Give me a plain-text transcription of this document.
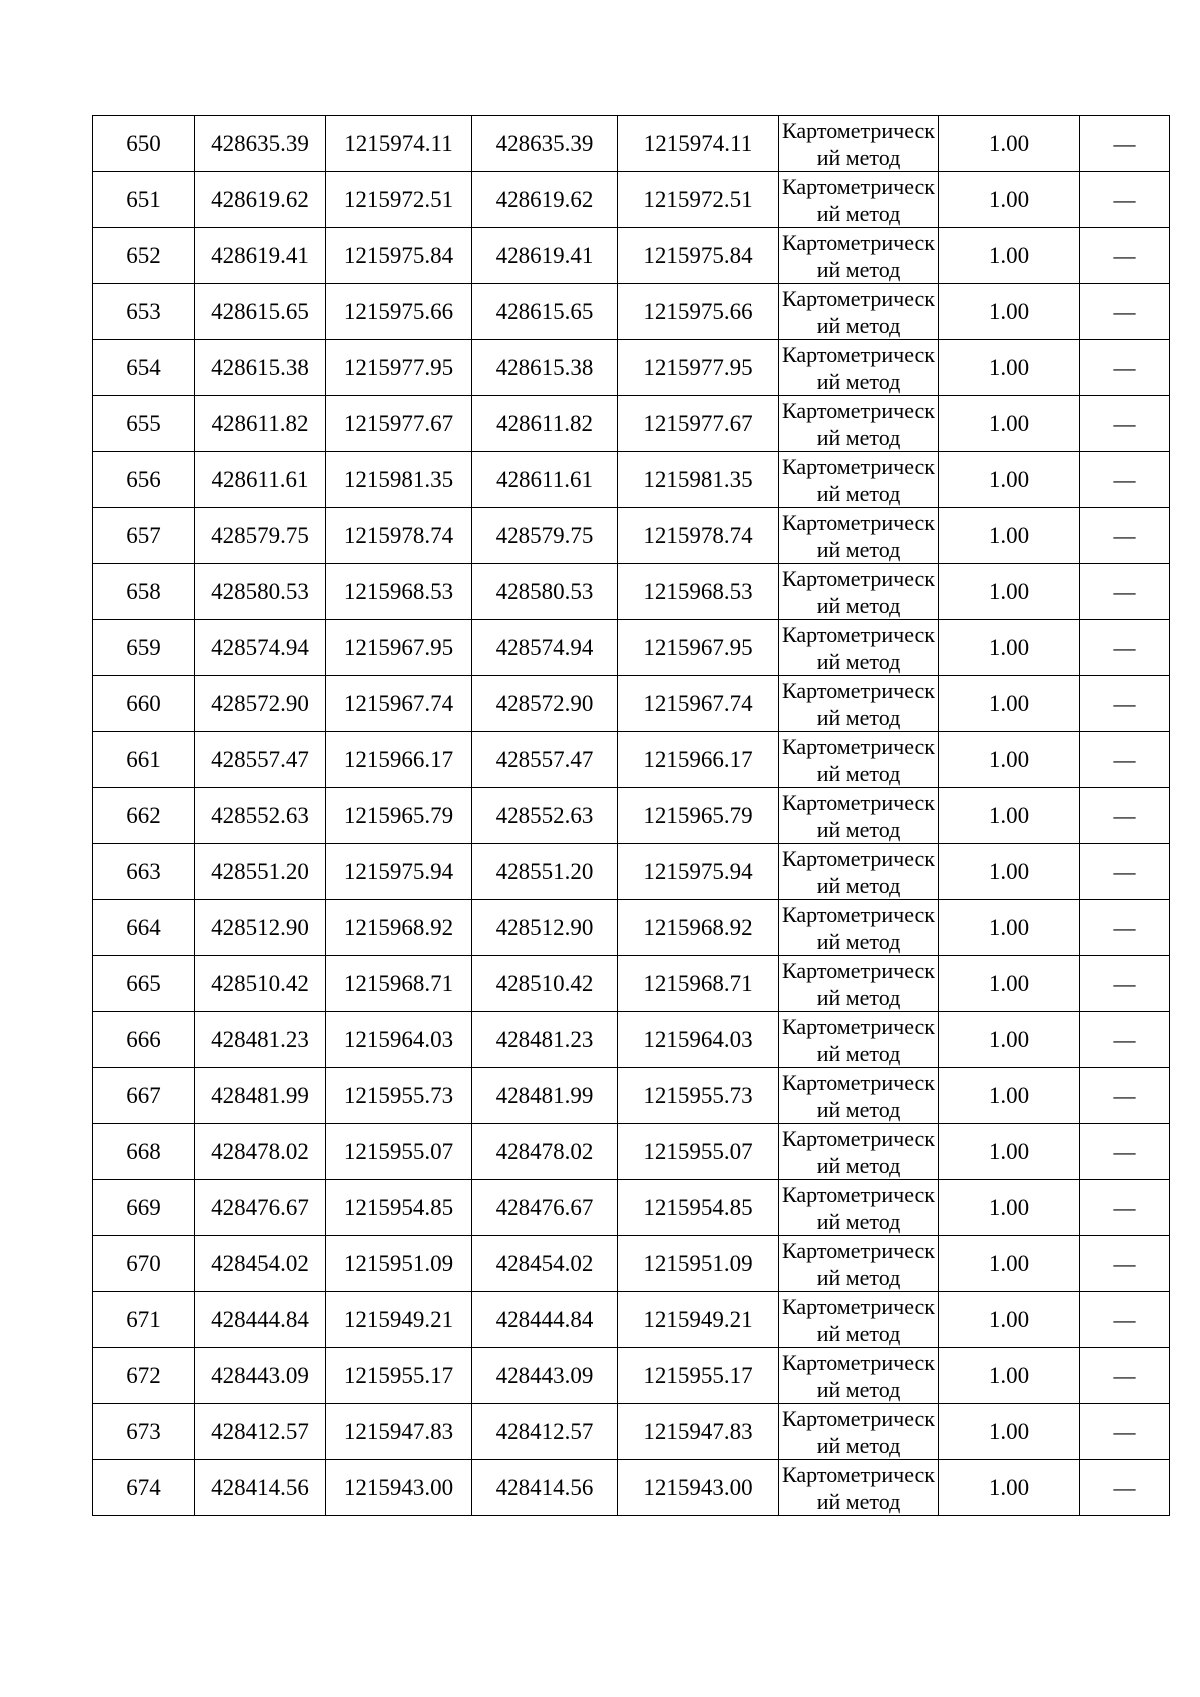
650	428635.39	1215974.11	428635.39	1215974.11	Картометрический метод	1.00	—
651	428619.62	1215972.51	428619.62	1215972.51	Картометрический метод	1.00	—
652	428619.41	1215975.84	428619.41	1215975.84	Картометрический метод	1.00	—
653	428615.65	1215975.66	428615.65	1215975.66	Картометрический метод	1.00	—
654	428615.38	1215977.95	428615.38	1215977.95	Картометрический метод	1.00	—
655	428611.82	1215977.67	428611.82	1215977.67	Картометрический метод	1.00	—
656	428611.61	1215981.35	428611.61	1215981.35	Картометрический метод	1.00	—
657	428579.75	1215978.74	428579.75	1215978.74	Картометрический метод	1.00	—
658	428580.53	1215968.53	428580.53	1215968.53	Картометрический метод	1.00	—
659	428574.94	1215967.95	428574.94	1215967.95	Картометрический метод	1.00	—
660	428572.90	1215967.74	428572.90	1215967.74	Картометрический метод	1.00	—
661	428557.47	1215966.17	428557.47	1215966.17	Картометрический метод	1.00	—
662	428552.63	1215965.79	428552.63	1215965.79	Картометрический метод	1.00	—
663	428551.20	1215975.94	428551.20	1215975.94	Картометрический метод	1.00	—
664	428512.90	1215968.92	428512.90	1215968.92	Картометрический метод	1.00	—
665	428510.42	1215968.71	428510.42	1215968.71	Картометрический метод	1.00	—
666	428481.23	1215964.03	428481.23	1215964.03	Картометрический метод	1.00	—
667	428481.99	1215955.73	428481.99	1215955.73	Картометрический метод	1.00	—
668	428478.02	1215955.07	428478.02	1215955.07	Картометрический метод	1.00	—
669	428476.67	1215954.85	428476.67	1215954.85	Картометрический метод	1.00	—
670	428454.02	1215951.09	428454.02	1215951.09	Картометрический метод	1.00	—
671	428444.84	1215949.21	428444.84	1215949.21	Картометрический метод	1.00	—
672	428443.09	1215955.17	428443.09	1215955.17	Картометрический метод	1.00	—
673	428412.57	1215947.83	428412.57	1215947.83	Картометрический метод	1.00	—
674	428414.56	1215943.00	428414.56	1215943.00	Картометрический метод	1.00	—
